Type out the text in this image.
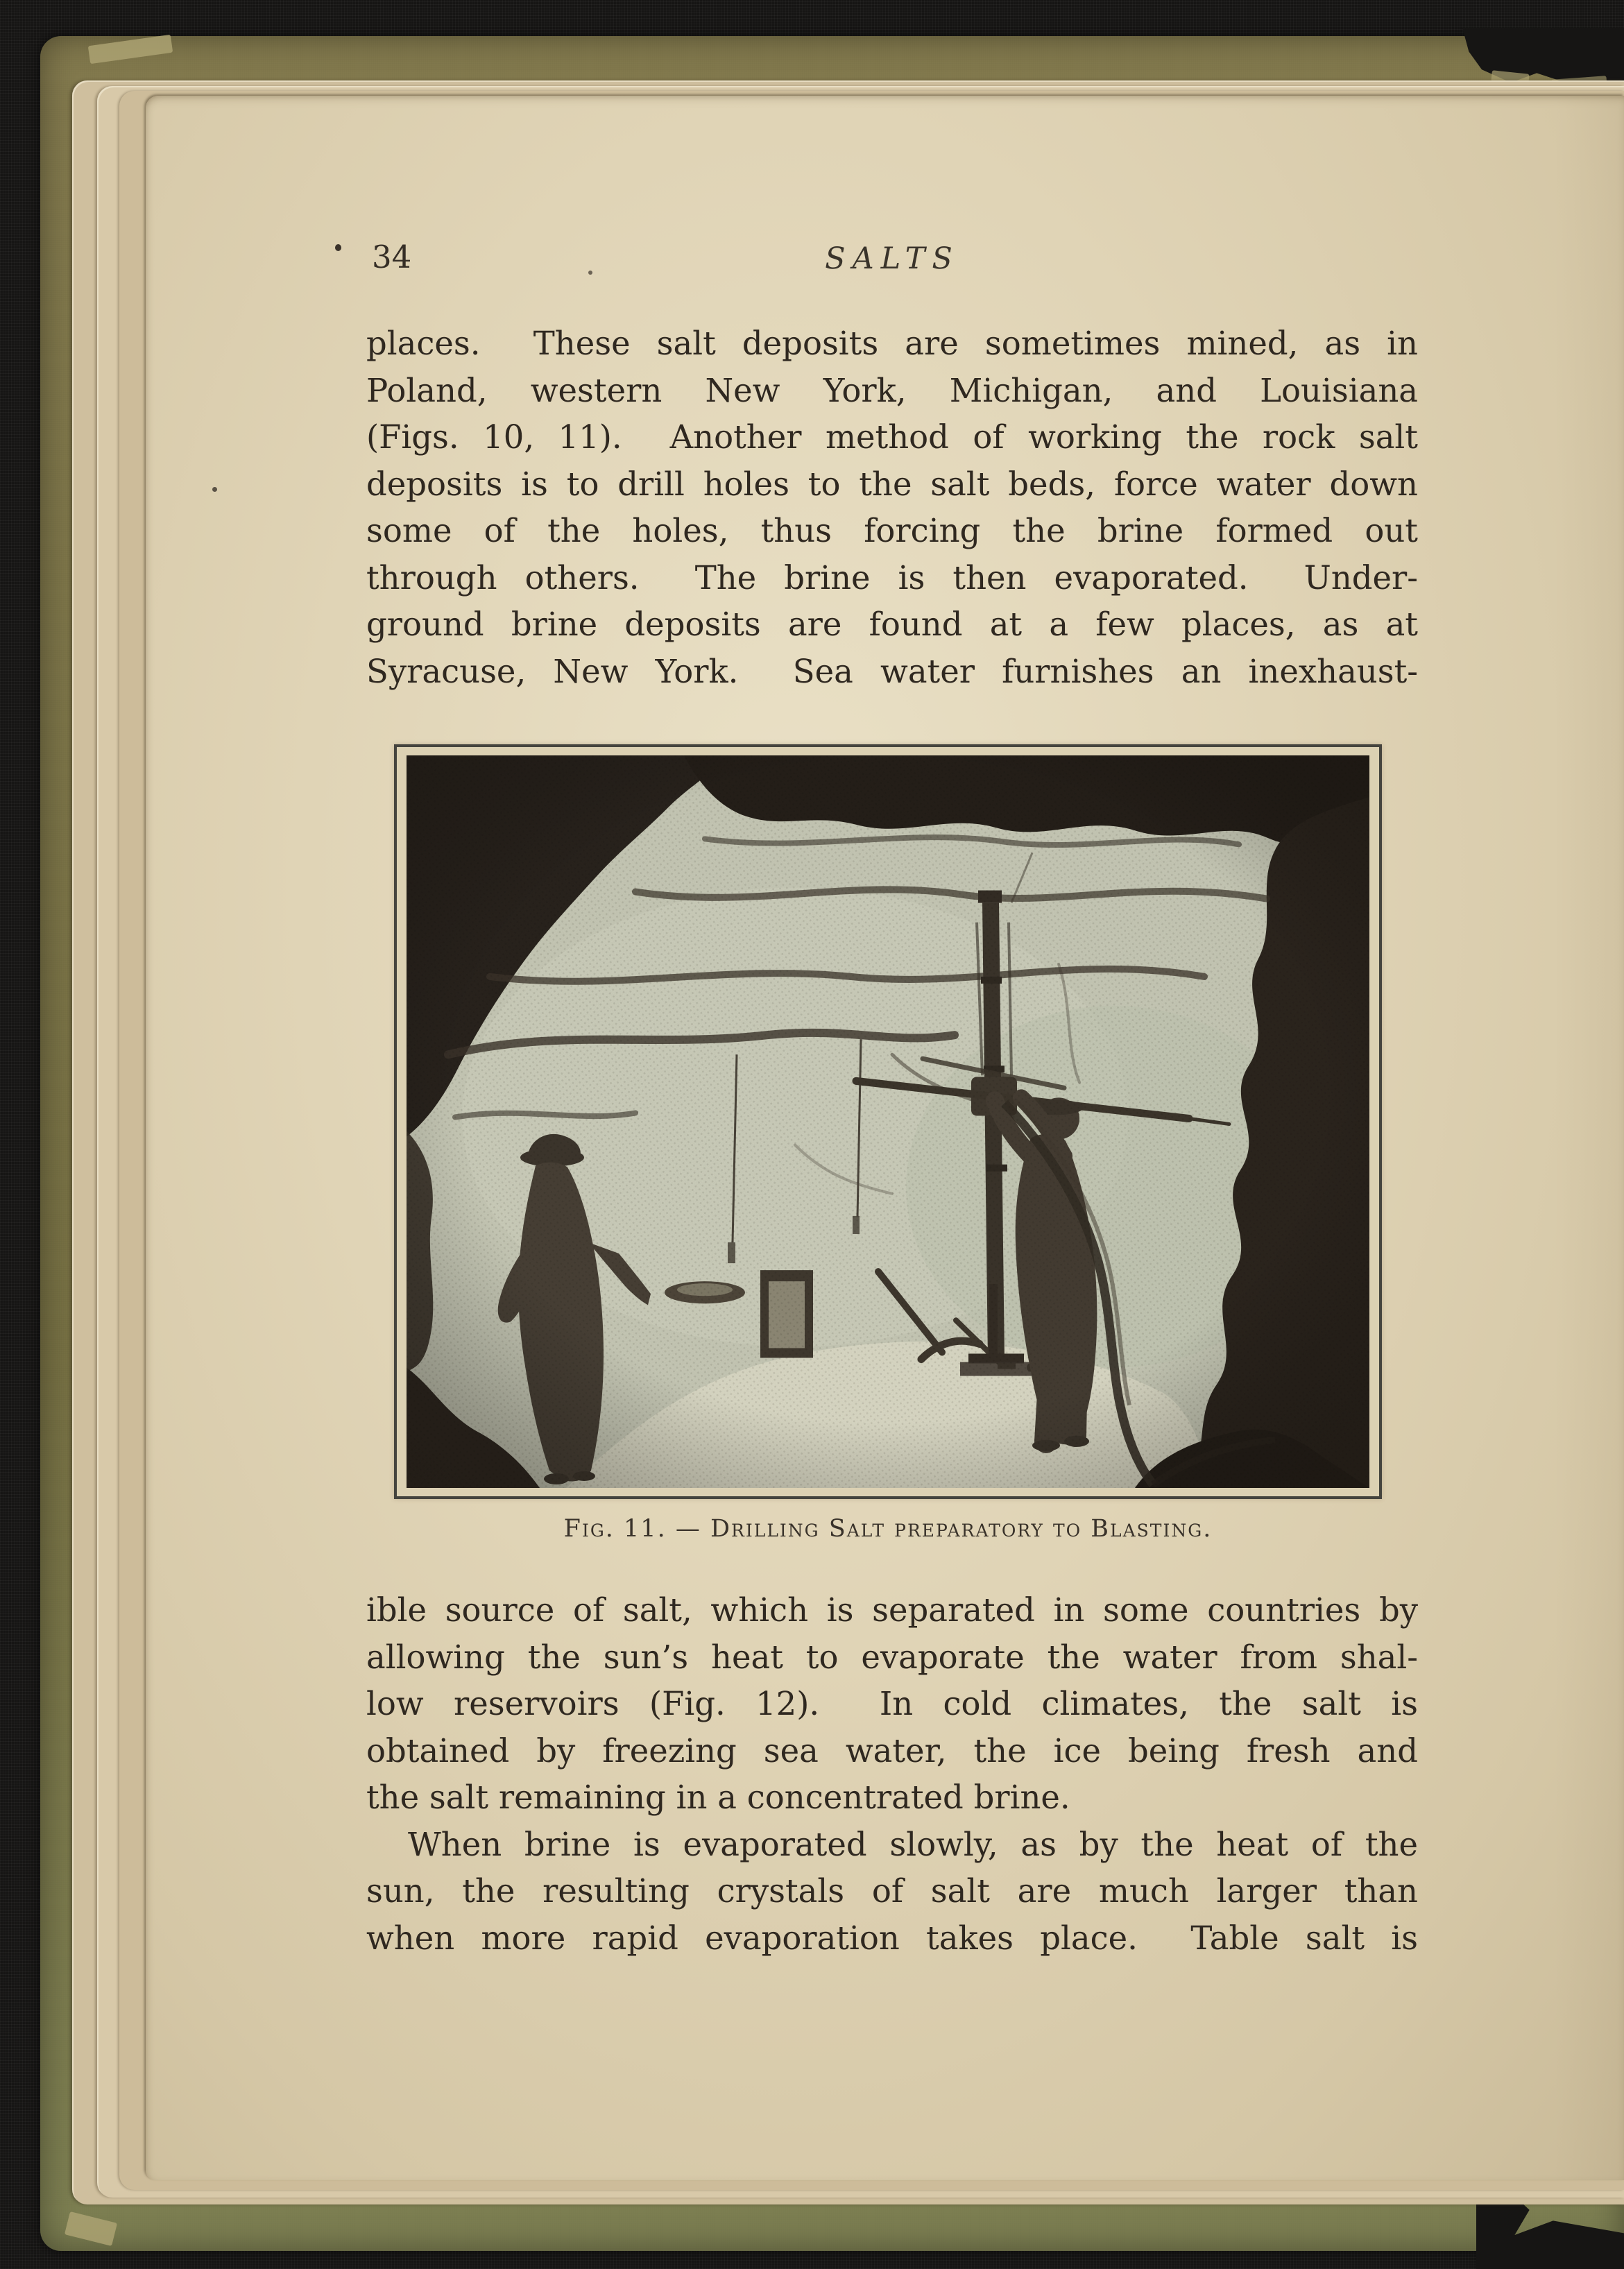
34	SALTS
places.  These salt deposits are sometimes mined, as in
Poland, western New York, Michigan, and Louisiana
(Figs. 10, 11).  Another method of working the rock salt
deposits is to drill holes to the salt beds, force water down
some of the holes, thus forcing the brine formed out
through others.  The brine is then evaporated.  Under-
ground brine deposits are found at a few places, as at
Syracuse, New York.  Sea water furnishes an inexhaust-
Fig. 11. — Drilling Salt preparatory to Blasting.
ible source of salt, which is separated in some countries by
allowing the sun’s heat to evaporate the water from shal-
low reservoirs (Fig. 12).  In cold climates, the salt is
obtained by freezing sea water, the ice being fresh and
the salt remaining in a concentrated brine.
When brine is evaporated slowly, as by the heat of the
sun, the resulting crystals of salt are much larger than
when more rapid evaporation takes place.  Table salt is
